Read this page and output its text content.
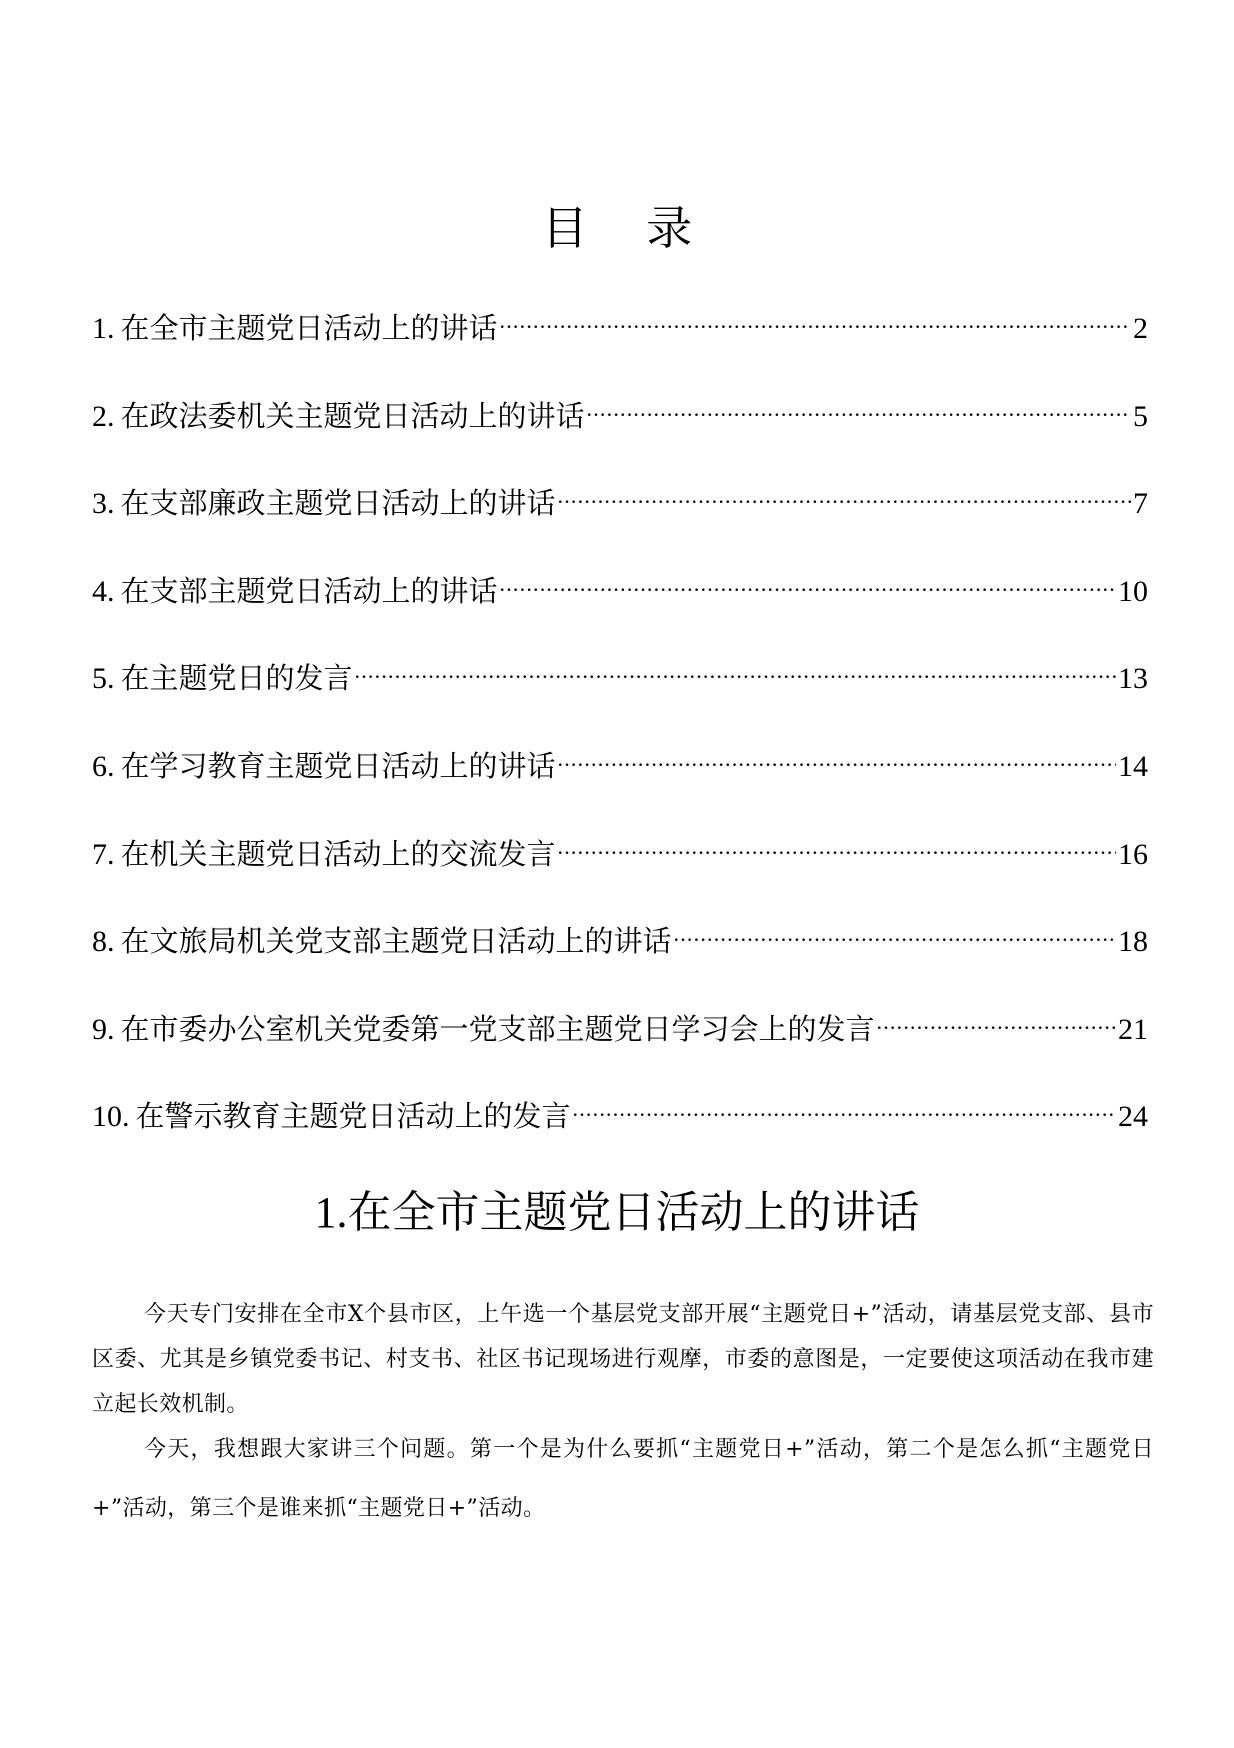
目 录
1. 在全市主题党日活动上的讲话 .....	2
2. 在政法委机关主题党日活动上的讲话 .....	5
3. 在支部廉政主题党日活动上的讲话 .....	7
4. 在支部主题党日活动上的讲话 .....	10
5. 在主题党日的发言 .....	13
6. 在学习教育主题党日活动上的讲话 .....	14
7. 在机关主题党日活动上的交流发言 .....	16
8. 在文旅局机关党支部主题党日活动上的讲话 .....	18
9. 在市委办公室机关党委第一党支部主题党日学习会上的发言 .....	21
10. 在警示教育主题党日活动上的发言 .....	24
1.在全市主题党日活动上的讲话

今天专门安排在全市X个县市区，上午选一个基层党支部开展“主题党日+”活动，请基层党支部、县市区委、尤其是乡镇党委书记、村支书、社区书记现场进行观摩，市委的意图是，一定要使这项活动在我市建立起长效机制。

今天，我想跟大家讲三个问题。第一个是为什么要抓“主题党日+”活动，第二个是怎么抓“主题党日+”活动，第三个是谁来抓“主题党日+”活动。
